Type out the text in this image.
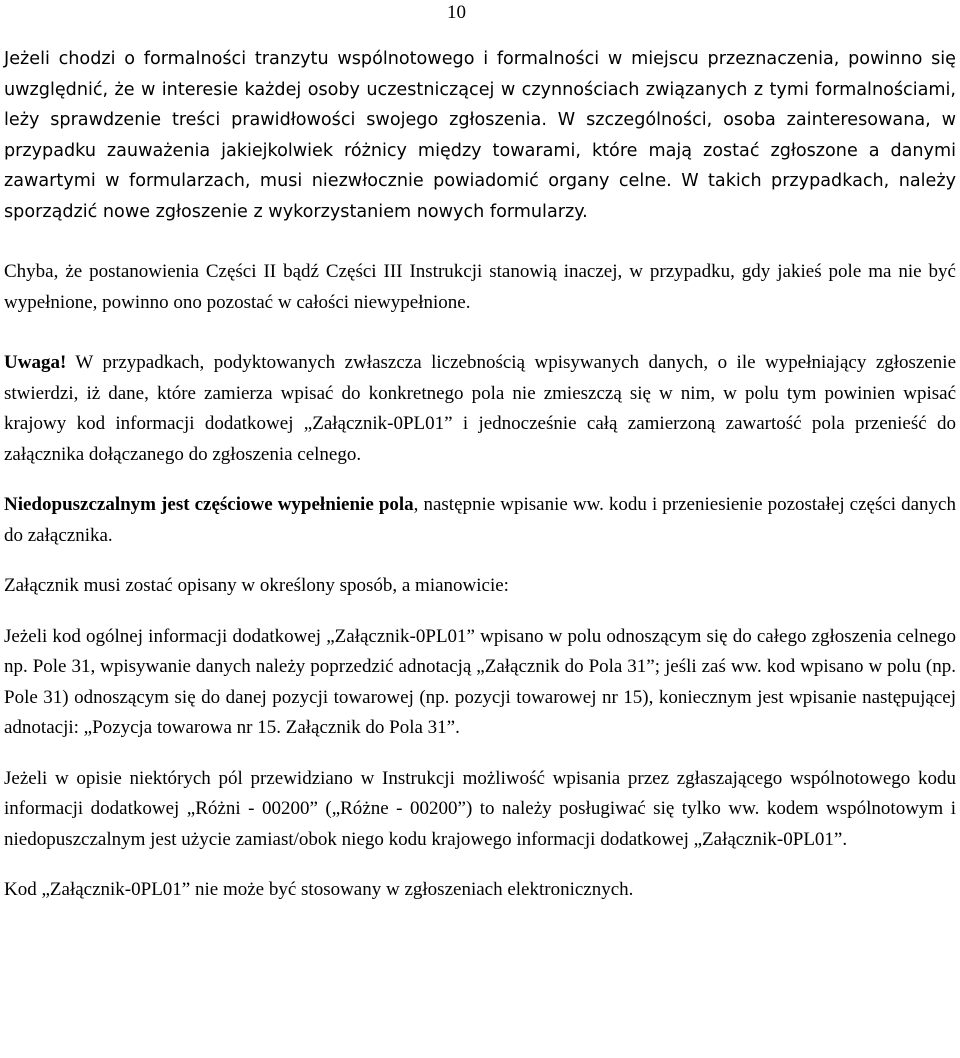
10

Jeżeli chodzi o formalności tranzytu wspólnotowego i formalności w miejscu przeznaczenia, powinno się uwzględnić, że w interesie każdej osoby uczestniczącej w czynnościach związanych z tymi formalnościami, leży sprawdzenie treści prawidłowości swojego zgłoszenia. W szczególności, osoba zainteresowana, w przypadku zauważenia jakiejkolwiek różnicy między towarami, które mają zostać zgłoszone a danymi zawartymi w formularzach, musi niezwłocznie powiadomić organy celne. W takich przypadkach, należy sporządzić nowe zgłoszenie z wykorzystaniem nowych formularzy.

Chyba, że postanowienia Części II bądź Części III Instrukcji stanowią inaczej, w przypadku, gdy jakieś pole ma nie być wypełnione, powinno ono pozostać w całości niewypełnione.

Uwaga! W przypadkach, podyktowanych zwłaszcza liczebnością wpisywanych danych, o ile wypełniający zgłoszenie stwierdzi, iż dane, które zamierza wpisać do konkretnego pola nie zmieszczą się w nim, w polu tym powinien wpisać krajowy kod informacji dodatkowej „Załącznik-0PL01” i jednocześnie całą zamierzoną zawartość pola przenieść do załącznika dołączanego do zgłoszenia celnego.

Niedopuszczalnym jest częściowe wypełnienie pola, następnie wpisanie ww. kodu i przeniesienie pozostałej części danych do załącznika.

Załącznik musi zostać opisany w określony sposób, a mianowicie:

Jeżeli kod ogólnej informacji dodatkowej „Załącznik-0PL01” wpisano w polu odnoszącym się do całego zgłoszenia celnego np. Pole 31, wpisywanie danych należy poprzedzić adnotacją „Załącznik do Pola 31”; jeśli zaś ww. kod wpisano w polu (np. Pole 31) odnoszącym się do danej pozycji towarowej (np. pozycji towarowej nr 15), koniecznym jest wpisanie następującej adnotacji: „Pozycja towarowa nr 15. Załącznik do Pola 31”.

Jeżeli w opisie niektórych pól przewidziano w Instrukcji możliwość wpisania przez zgłaszającego wspólnotowego kodu informacji dodatkowej „Różni - 00200” („Różne - 00200”) to należy posługiwać się tylko ww. kodem wspólnotowym i niedopuszczalnym jest użycie zamiast/obok niego kodu krajowego informacji dodatkowej „Załącznik-0PL01”.

Kod „Załącznik-0PL01” nie może być stosowany w zgłoszeniach elektronicznych.
